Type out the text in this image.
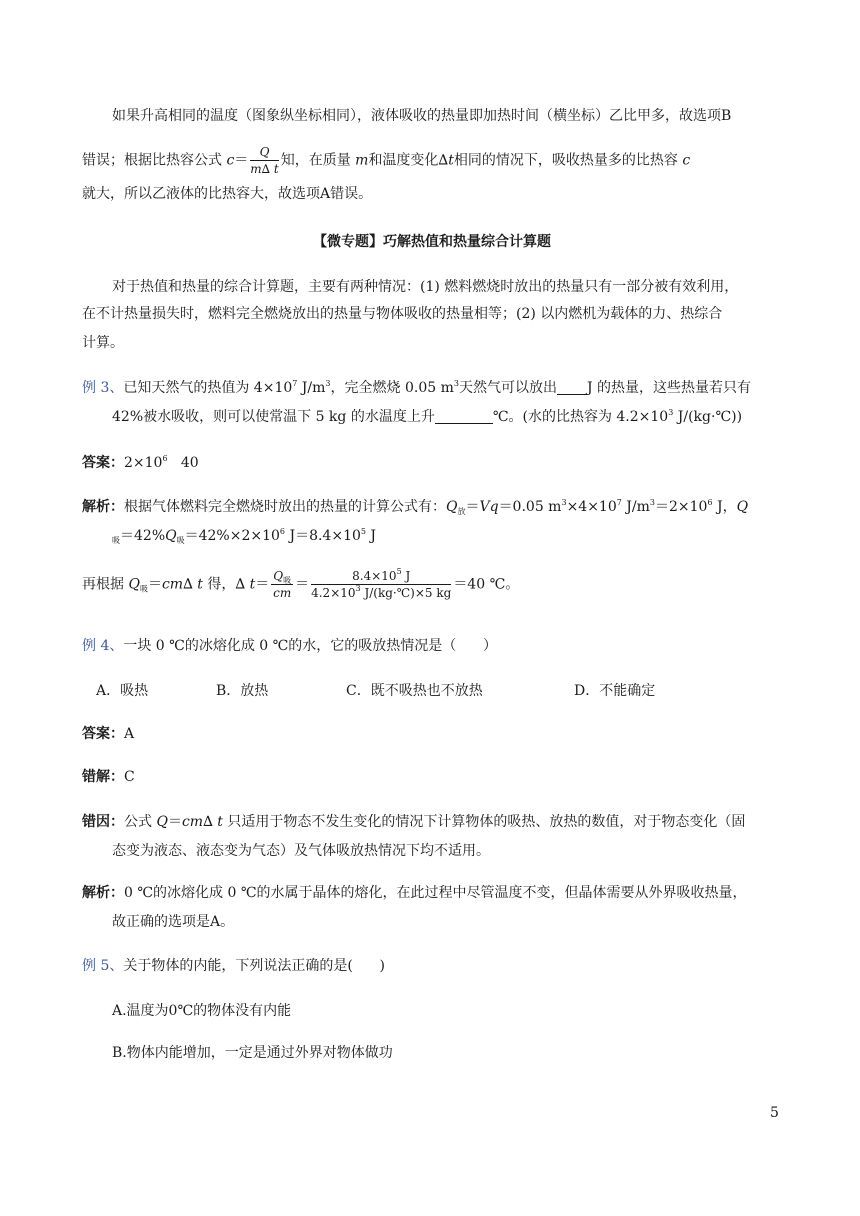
如果升高相同的温度（图象纵坐标相同），液体吸收的热量即加热时间（横坐标）乙比甲多，故选项B
错误；根据比热容公式 $c= \frac{Q}{m\Delta t}$ 知，在质量 m和温度变化∆t相同的情况下，吸收热量多的比热容 c
就大，所以乙液体的比热容大，故选项A错误。
【微专题】巧解热值和热量综合计算题
对于热值和热量的综合计算题，主要有两种情况：(1) 燃料燃烧时放出的热量只有一部分被有效利用，
在不计热量损失时，燃料完全燃烧放出的热量与物体吸收的热量相等；(2) 以内燃机为载体的力、热综合
计算。
例 3、已知天然气的热值为 $4\times 10^7$ $J/m^3$，完全燃烧 0.05 $m^3$天然气可以放出 J 的热量，这些热量若只有
42%被水吸收，则可以使常温下 5 kg 的水温度上升	℃。(水的比热容为 $4.2\times 10^3$ J/(kg·℃))
答案：$2\times 10^6$   40
解析：根据气体燃料完全燃烧时放出的热量的计算公式有：$Q_放=Vq=0.05$ $m^3\times 4\times 10^7$ $J/m^3=2\times 10^6$ J，Q
$_吸=42\%Q_吸=42\%\times 2\times 10^6$ $J=8.4\times 10^5$ J
再根据 $Q_吸=cm\Delta$ t 得，∆ $t= \frac{Q_吸}{cm} = \frac{8.4\times 10^5 J}{4.2\times 10^3 J/(kg\cdot℃)\times 5 kg} =40$ ℃。
例 4、一块 0 ℃的冰熔化成 0 ℃的水，它的吸放热情况是（      ）
A．吸热	B．放热	C．既不吸热也不放热	D．不能确定
答案：A
错解：C
错因：公式 Q＝cm∆ t 只适用于物态不发生变化的情况下计算物体的吸热、放热的数值，对于物态变化（固
态变为液态、液态变为气态）及气体吸放热情况下均不适用。
解析：0 ℃的冰熔化成 0 ℃的水属于晶体的熔化，在此过程中尽管温度不变，但晶体需要从外界吸收热量，
故正确的选项是A。
例 5、关于物体的内能，下列说法正确的是(      )
A.温度为0℃的物体没有内能
B.物体内能增加，一定是通过外界对物体做功
5
